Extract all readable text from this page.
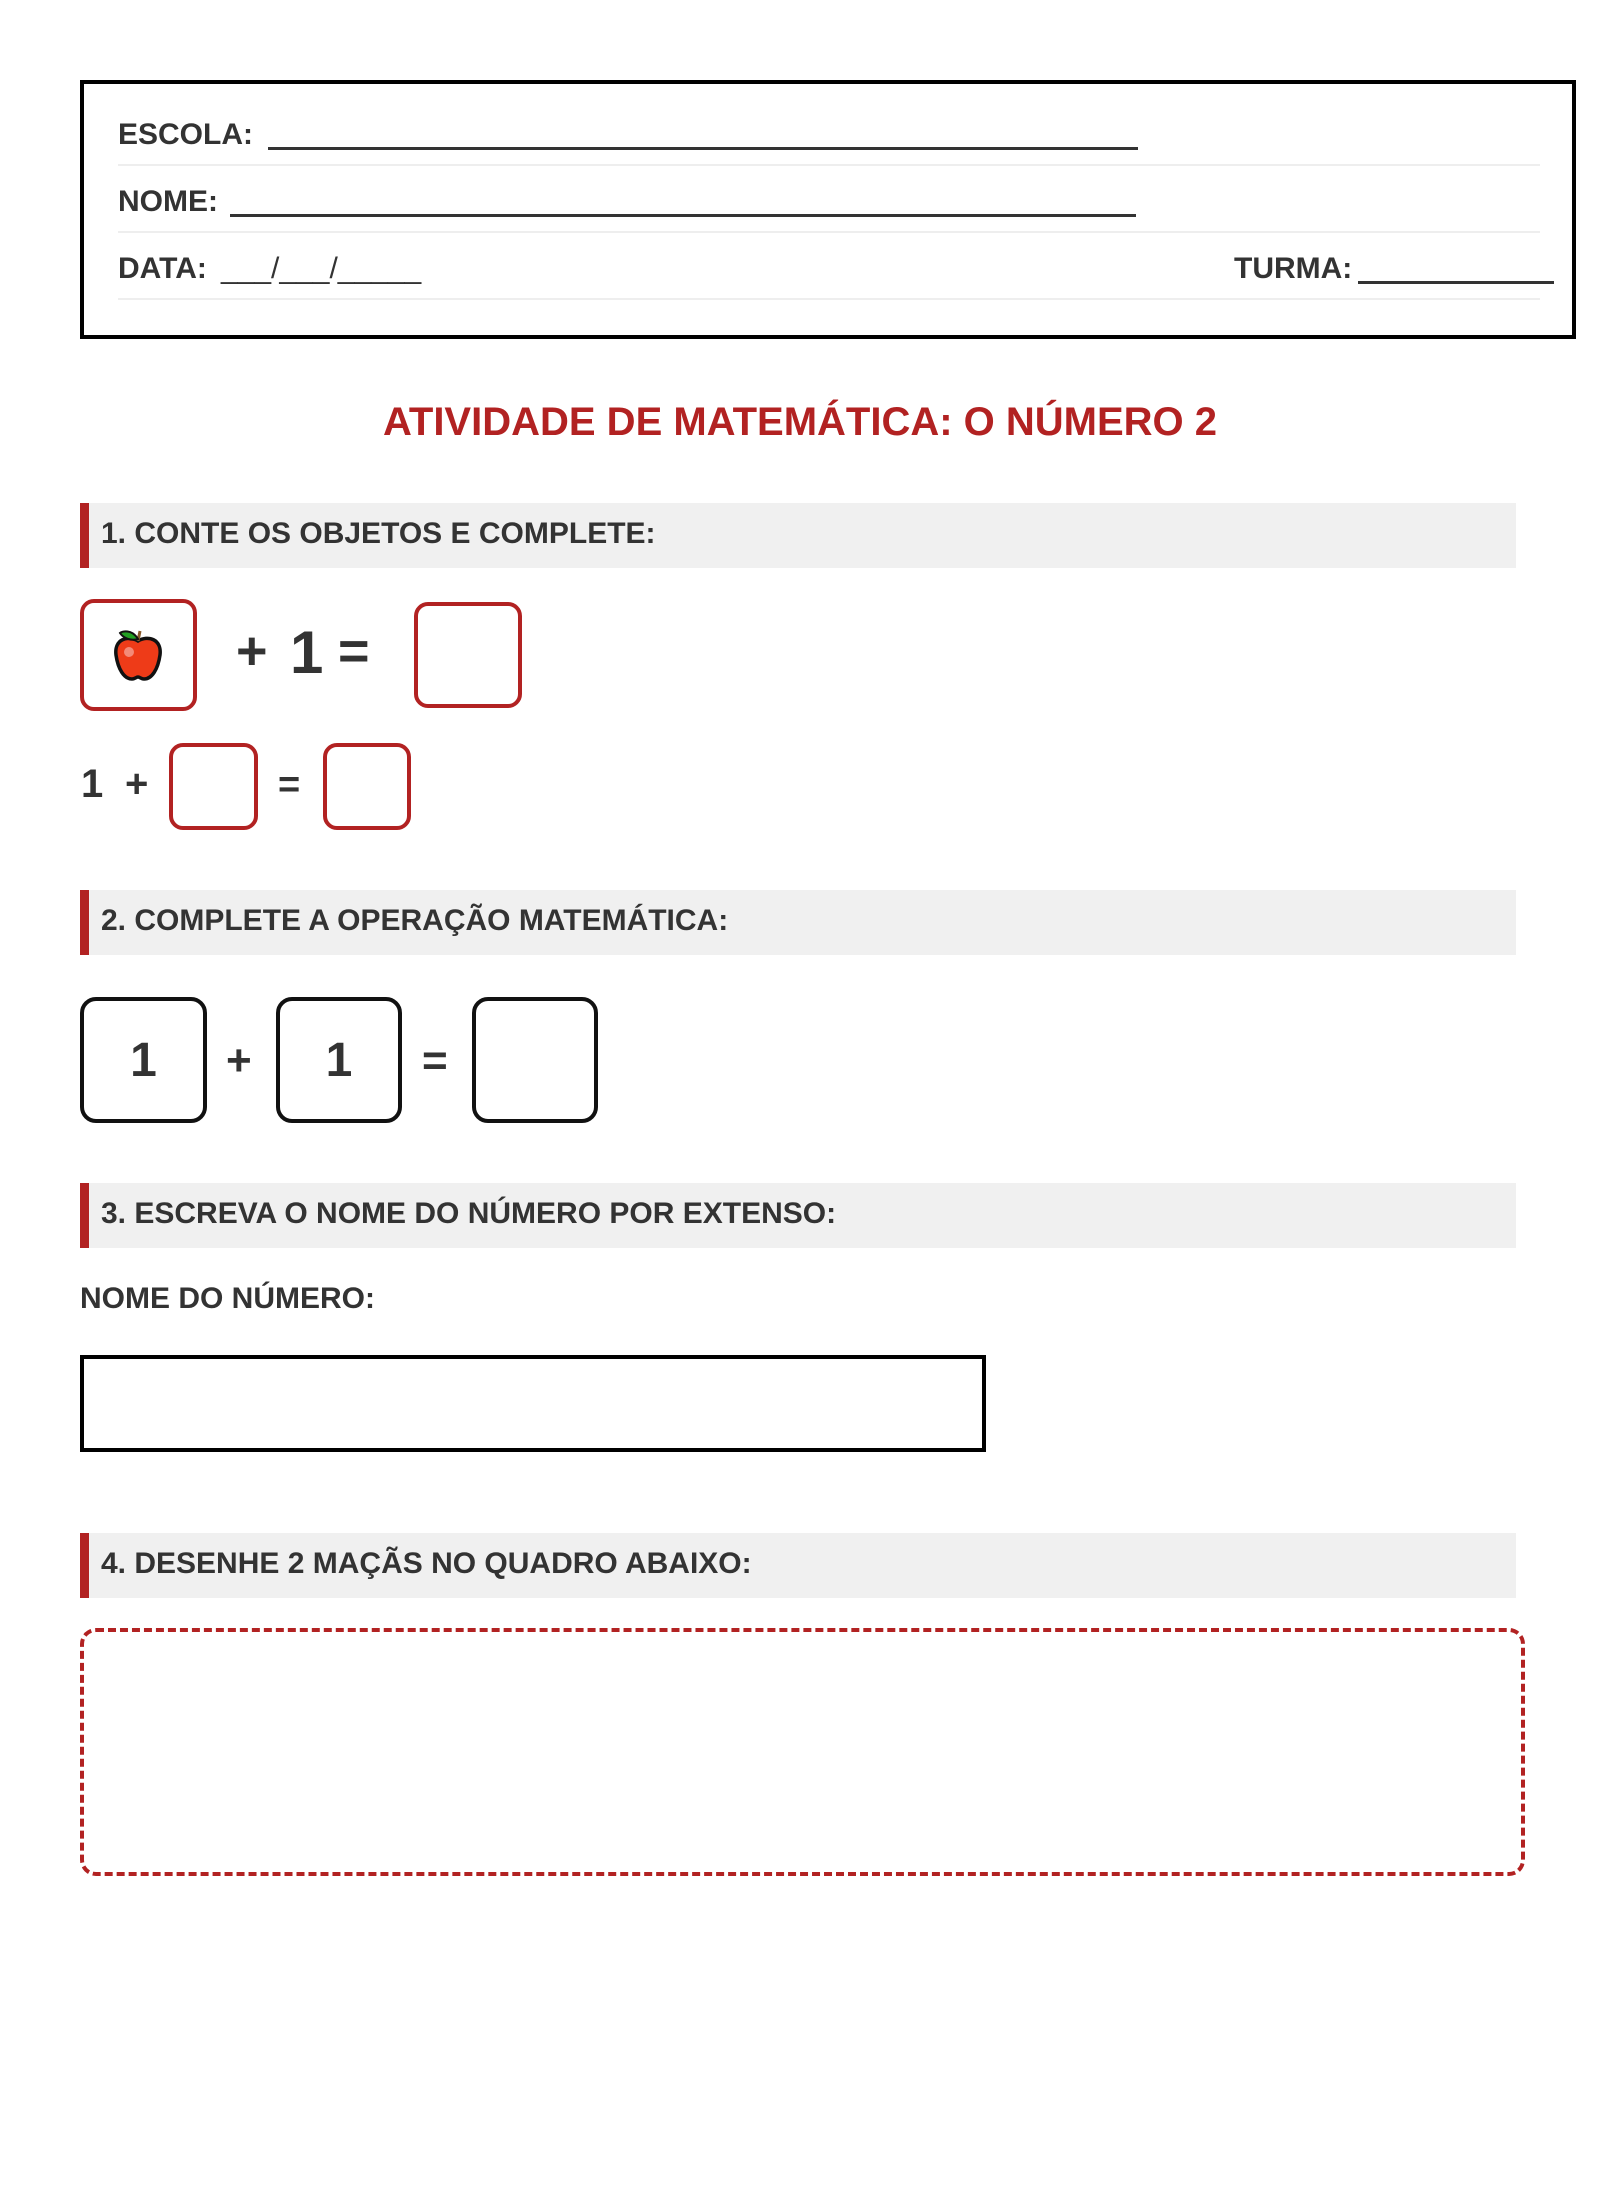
ESCOLA:
NOME:
DATA: ___/___/_____	TURMA:
ATIVIDADE DE MATEMÁTICA: O NÚMERO 2
1. CONTE OS OBJETOS E COMPLETE:
+ 1 =
1 +	=
2. COMPLETE A OPERAÇÃO MATEMÁTICA:
1	+	1	=
3. ESCREVA O NOME DO NÚMERO POR EXTENSO:
NOME DO NÚMERO:
4. DESENHE 2 MAÇÃS NO QUADRO ABAIXO:
